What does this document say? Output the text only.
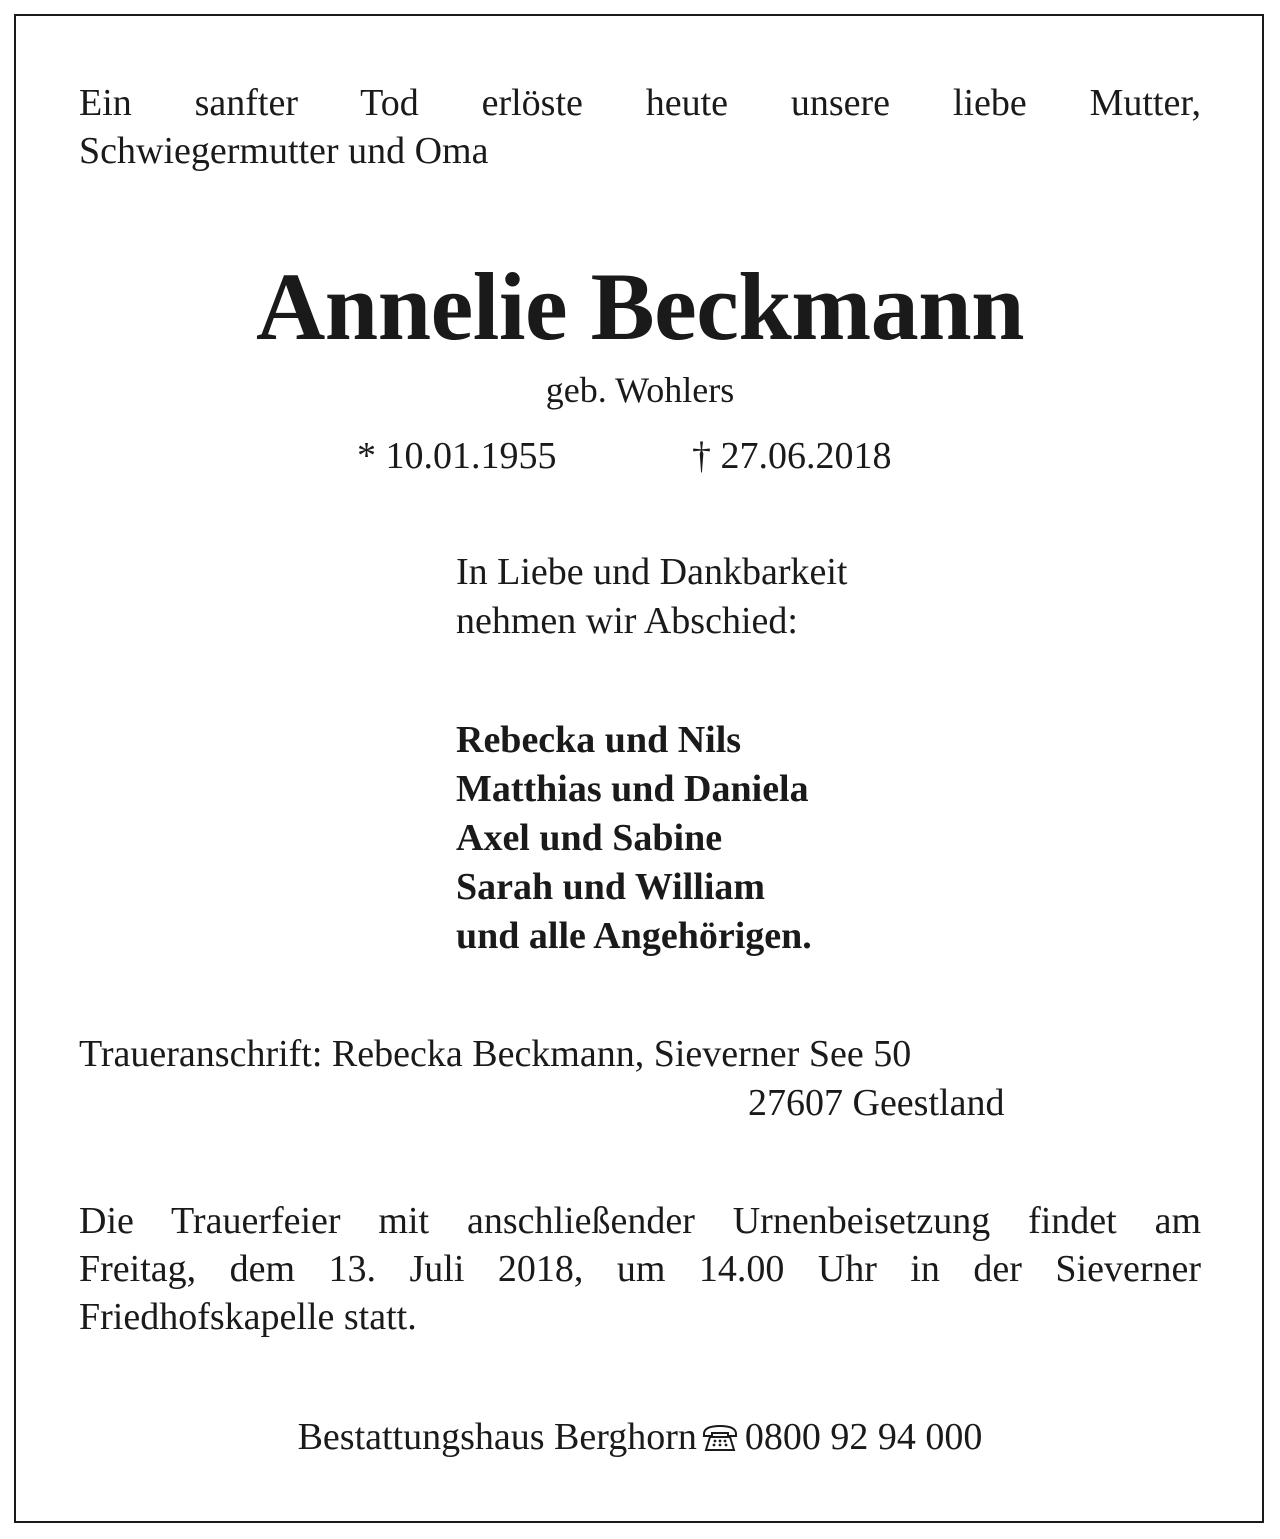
Ein sanfter Tod erlöste heute unsere liebe Mutter,
Schwiegermutter und Oma
Annelie Beckmann
geb. Wohlers
* 10.01.1955	† 27.06.2018
In Liebe und Dankbarkeit
nehmen wir Abschied:
Rebecka und Nils
Matthias und Daniela
Axel und Sabine
Sarah und William
und alle Angehörigen.
Traueranschrift: Rebecka Beckmann, Sieverner See 50
27607 Geestland
Die Trauerfeier mit anschließender Urnenbeisetzung findet am
Freitag, dem 13. Juli 2018, um 14.00 Uhr in der Sieverner
Friedhofskapelle statt.
Bestattungshaus Berghorn 0800 92 94 000
